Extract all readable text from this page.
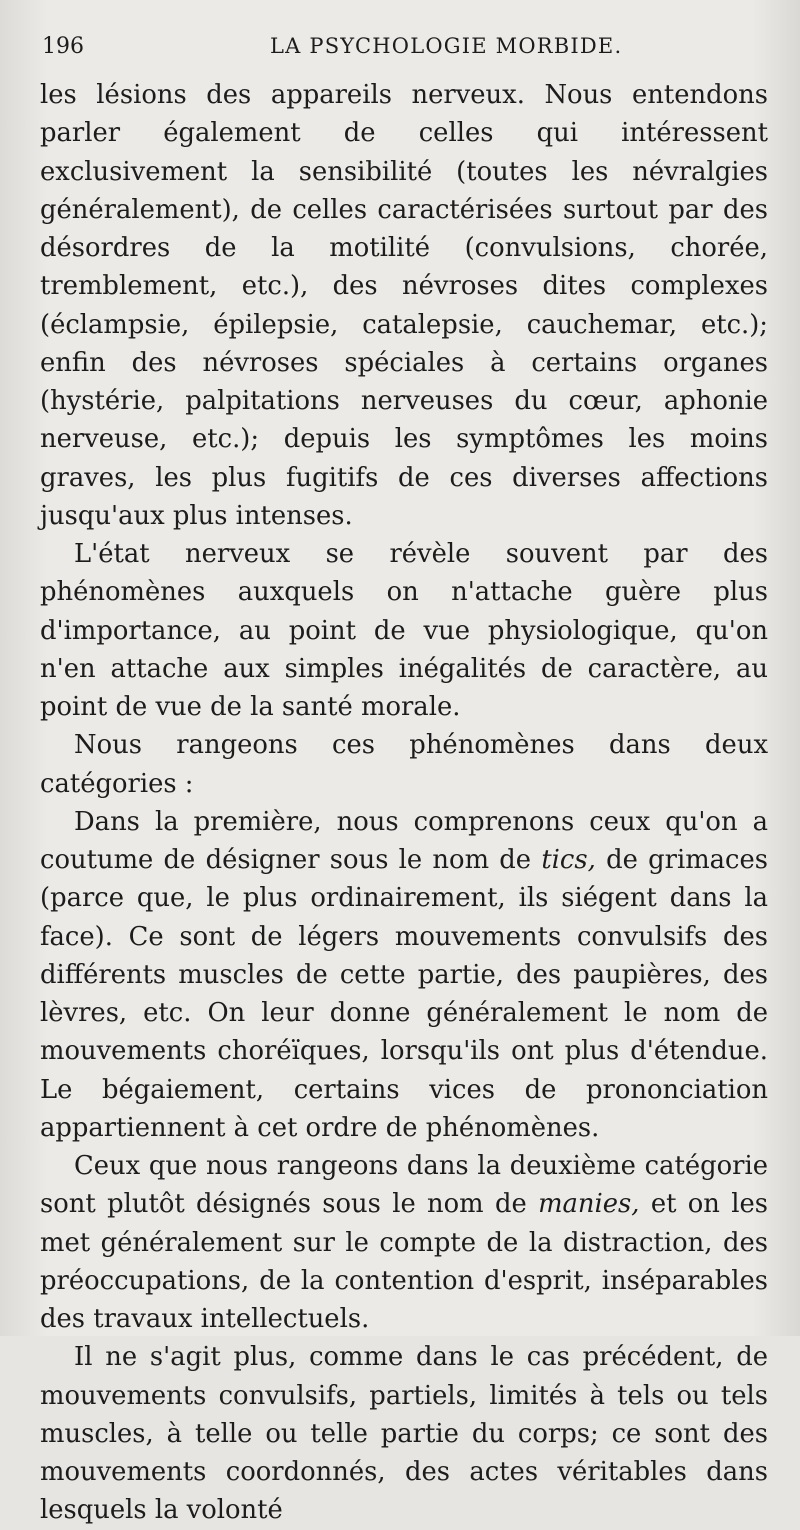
196	LA PSYCHOLOGIE MORBIDE.

les lésions des appareils nerveux. Nous entendons parler également de celles qui intéressent exclusivement la sensibilité (toutes les névralgies généralement), de celles caractérisées surtout par des désordres de la motilité (convulsions, chorée, tremblement, etc.), des névroses dites complexes (éclampsie, épilepsie, catalepsie, cauchemar, etc.); enfin des névroses spéciales à certains organes (hystérie, palpitations nerveuses du cœur, aphonie nerveuse, etc.); depuis les symptômes les moins graves, les plus fugitifs de ces diverses affections jusqu'aux plus intenses.

L'état nerveux se révèle souvent par des phénomènes auxquels on n'attache guère plus d'importance, au point de vue physiologique, qu'on n'en attache aux simples inégalités de caractère, au point de vue de la santé morale.

Nous rangeons ces phénomènes dans deux catégories :

Dans la première, nous comprenons ceux qu'on a coutume de désigner sous le nom de tics, de grimaces (parce que, le plus ordinairement, ils siégent dans la face). Ce sont de légers mouvements convulsifs des différents muscles de cette partie, des paupières, des lèvres, etc. On leur donne généralement le nom de mouvements choréïques, lorsqu'ils ont plus d'étendue. Le bégaiement, certains vices de prononciation appartiennent à cet ordre de phénomènes.

Ceux que nous rangeons dans la deuxième catégorie sont plutôt désignés sous le nom de manies, et on les met généralement sur le compte de la distraction, des préoccupations, de la contention d'esprit, inséparables des travaux intellectuels.

Il ne s'agit plus, comme dans le cas précédent, de mouvements convulsifs, partiels, limités à tels ou tels muscles, à telle ou telle partie du corps; ce sont des mouvements coordonnés, des actes véritables dans lesquels la volonté
